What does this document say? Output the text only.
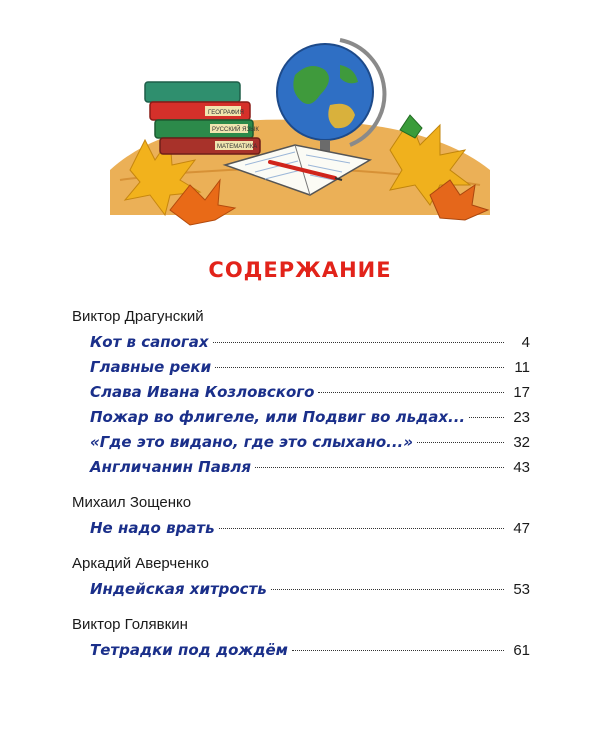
ГЕОГРАФИЯ
РУССКИЙ ЯЗЫК
МАТЕМАТИКА
СОДЕРЖАНИЕ
Виктор Драгунский
Кот в сапогах	4
Главные реки	11
Слава Ивана Козловского	17
Пожар во флигеле, или Подвиг во льдах...	23
«Где это видано, где это слыхано...»	32
Англичанин Павля	43
Михаил Зощенко
Не надо врать	47
Аркадий Аверченко
Индейская хитрость	53
Виктор Голявкин
Тетрадки под дождём	61
